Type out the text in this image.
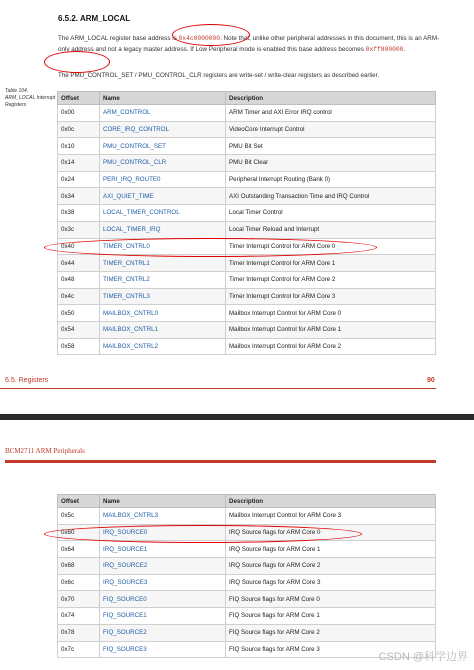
6.5.2. ARM_LOCAL
The ARM_LOCAL register base address is 0x4c0000000. Note that, unlike other peripheral addresses in this document, this is an ARM-only address and not a legacy master address. If Low Peripheral mode is enabled this base address becomes 0xff800000.
The PMU_CONTROL_SET / PMU_CONTROL_CLR registers are write-set / write-clear registers as described earlier.
Table 104. ARM_LOCAL Interrupt Registers
Offset	Name	Description
0x00	ARM_CONTROL	ARM Timer and AXI Error IRQ control
0x0c	CORE_IRQ_CONTROL	VideoCore Interrupt Control
0x10	PMU_CONTROL_SET	PMU Bit Set
0x14	PMU_CONTROL_CLR	PMU Bit Clear
0x24	PERI_IRQ_ROUTE0	Peripheral Interrupt Routing (Bank 0)
0x34	AXI_QUIET_TIME	AXI Outstanding Transaction Time and IRQ Control
0x38	LOCAL_TIMER_CONTROL	Local Timer Control
0x3c	LOCAL_TIMER_IRQ	Local Timer Reload and Interrupt
0x40	TIMER_CNTRL0	Timer Interrupt Control for ARM Core 0
0x44	TIMER_CNTRL1	Timer Interrupt Control for ARM Core 1
0x48	TIMER_CNTRL2	Timer Interrupt Control for ARM Core 2
0x4c	TIMER_CNTRL3	Timer Interrupt Control for ARM Core 3
0x50	MAILBOX_CNTRL0	Mailbox Interrupt Control for ARM Core 0
0x54	MAILBOX_CNTRL1	Mailbox Interrupt Control for ARM Core 1
0x58	MAILBOX_CNTRL2	Mailbox Interrupt Control for ARM Core 2
6.5. Registers	90
BCM2711 ARM Peripherals
Offset	Name	Description
0x5c	MAILBOX_CNTRL3	Mailbox Interrupt Control for ARM Core 3
0x60	IRQ_SOURCE0	IRQ Source flags for ARM Core 0
0x64	IRQ_SOURCE1	IRQ Source flags for ARM Core 1
0x68	IRQ_SOURCE2	IRQ Source flags for ARM Core 2
0x6c	IRQ_SOURCE3	IRQ Source flags for ARM Core 3
0x70	FIQ_SOURCE0	FIQ Source flags for ARM Core 0
0x74	FIQ_SOURCE1	FIQ Source flags for ARM Core 1
0x78	FIQ_SOURCE2	FIQ Source flags for ARM Core 2
0x7c	FIQ_SOURCE3	FIQ Source flags for ARM Core 3
CSDN @科学边界
